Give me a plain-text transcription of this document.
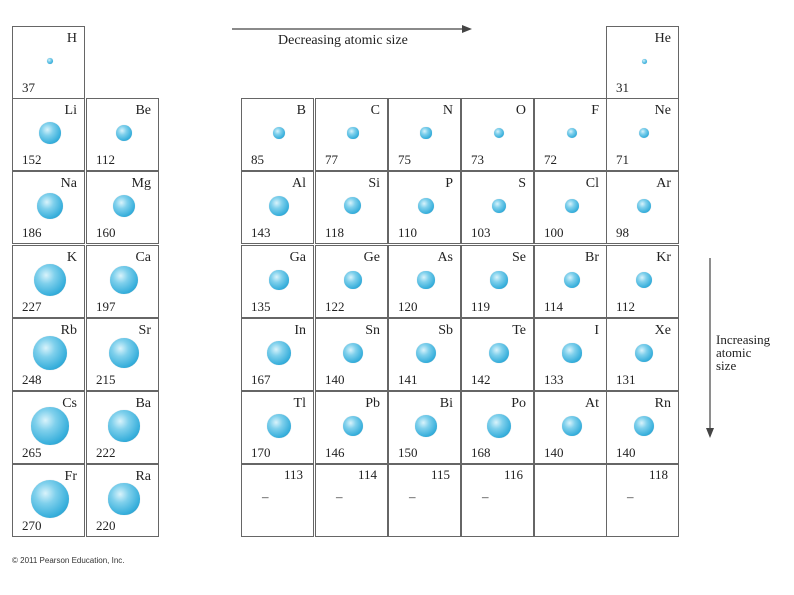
H
37
He
31
Li
152
Be
112
B
85
C
77
N
75
O
73
F
72
Ne
71
Na
186
Mg
160
Al
143
Si
118
P
110
S
103
Cl
100
Ar
98
K
227
Ca
197
Ga
135
Ge
122
As
120
Se
119
Br
114
Kr
112
Rb
248
Sr
215
In
167
Sn
140
Sb
141
Te
142
I
133
Xe
131
Cs
265
Ba
222
Tl
170
Pb
146
Bi
150
Po
168
At
140
Rn
140
Fr
270
Ra
220
113
–
114
–
115
–
116
–
118
–
Decreasing atomic size
Increasing
atomic
size
© 2011 Pearson Education, Inc.
